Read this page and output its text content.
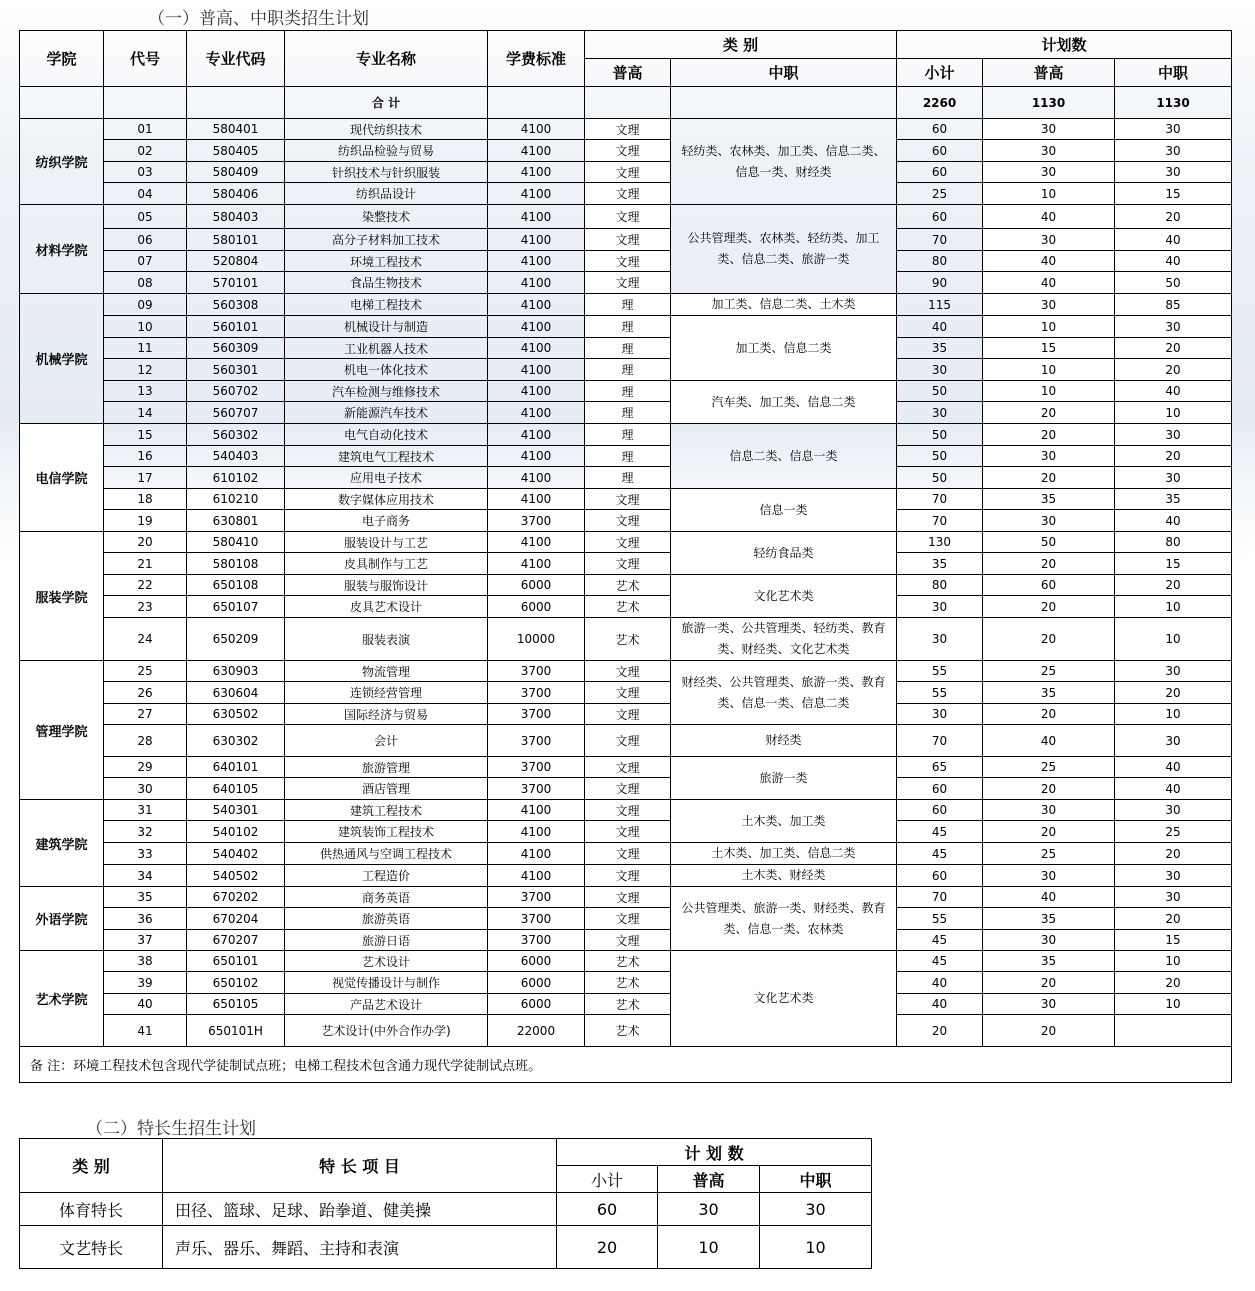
（一）普高、中职类招生计划
学院	代号	专业代码	专业名称	学费标准	类 别		计划数		
					普高	中职	小计	普高	中职
			合 计				2260	1130	1130
纺织学院	01	580401	现代纺织技术	4100	文理	轻纺类、农林类、加工类、信息二类、信息一类、财经类	60	30	30
	02	580405	纺织品检验与贸易	4100	文理		60	30	30
	03	580409	针织技术与针织服装	4100	文理		60	30	30
	04	580406	纺织品设计	4100	文理		25	10	15
材料学院	05	580403	染整技术	4100	文理	公共管理类、农林类、轻纺类、加工类、信息二类、旅游一类	60	40	20
	06	580101	高分子材料加工技术	4100	文理		70	30	40
	07	520804	环境工程技术	4100	文理		80	40	40
	08	570101	食品生物技术	4100	文理		90	40	50
机械学院	09	560308	电梯工程技术	4100	理	加工类、信息二类、土木类	115	30	85
	10	560101	机械设计与制造	4100	理	加工类、信息二类	40	10	30
	11	560309	工业机器人技术	4100	理		35	15	20
	12	560301	机电一体化技术	4100	理		30	10	20
	13	560702	汽车检测与维修技术	4100	理	汽车类、加工类、信息二类	50	10	40
	14	560707	新能源汽车技术	4100	理		30	20	10
电信学院	15	560302	电气自动化技术	4100	理	信息二类、信息一类	50	20	30
	16	540403	建筑电气工程技术	4100	理		50	30	20
	17	610102	应用电子技术	4100	理		50	20	30
	18	610210	数字媒体应用技术	4100	文理	信息一类	70	35	35
	19	630801	电子商务	3700	文理		70	30	40
服装学院	20	580410	服装设计与工艺	4100	文理	轻纺食品类	130	50	80
	21	580108	皮具制作与工艺	4100	文理		35	20	15
	22	650108	服装与服饰设计	6000	艺术	文化艺术类	80	60	20
	23	650107	皮具艺术设计	6000	艺术		30	20	10
	24	650209	服装表演	10000	艺术	旅游一类、公共管理类、轻纺类、教育类、财经类、文化艺术类	30	20	10
管理学院	25	630903	物流管理	3700	文理	财经类、公共管理类、旅游一类、教育类、信息一类、信息二类	55	25	30
	26	630604	连锁经营管理	3700	文理		55	35	20
	27	630502	国际经济与贸易	3700	文理		30	20	10
	28	630302	会计	3700	文理	财经类	70	40	30
	29	640101	旅游管理	3700	文理	旅游一类	65	25	40
	30	640105	酒店管理	3700	文理		60	20	40
建筑学院	31	540301	建筑工程技术	4100	文理	土木类、加工类	60	30	30
	32	540102	建筑装饰工程技术	4100	文理		45	20	25
	33	540402	供热通风与空调工程技术	4100	文理	土木类、加工类、信息二类	45	25	20
	34	540502	工程造价	4100	文理	土木类、财经类	60	30	30
外语学院	35	670202	商务英语	3700	文理	公共管理类、旅游一类、财经类、教育类、信息一类、农林类	70	40	30
	36	670204	旅游英语	3700	文理		55	35	20
	37	670207	旅游日语	3700	文理		45	30	15
艺术学院	38	650101	艺术设计	6000	艺术	文化艺术类	45	35	10
	39	650102	视觉传播设计与制作	6000	艺术		40	20	20
	40	650105	产品艺术设计	6000	艺术		40	30	10
	41	650101H	艺术设计(中外合作办学)	22000	艺术		20	20	
备 注：环境工程技术包含现代学徒制试点班；电梯工程技术包含通力现代学徒制试点班。									
（二）特长生招生计划
类 别	特 长 项 目	计 划 数		
		小计	普高	中职
体育特长	田径、篮球、足球、跆拳道、健美操	60	30	30
文艺特长	声乐、器乐、舞蹈、主持和表演	20	10	10
